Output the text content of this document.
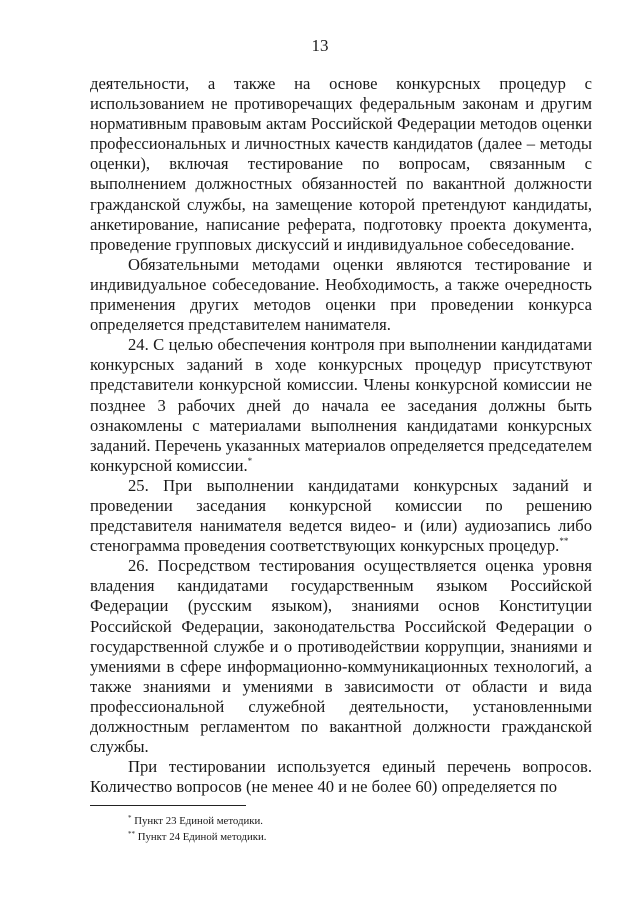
13

деятельности, а также на основе конкурсных процедур с использованием не противоречащих федеральным законам и другим нормативным правовым актам Российской Федерации методов оценки профессиональных и личностных качеств кандидатов (далее – методы оценки), включая тестирование по вопросам, связанным с выполнением должностных обязанностей по вакантной должности гражданской службы, на замещение которой претендуют кандидаты, анкетирование, написание реферата, подготовку проекта документа, проведение групповых дискуссий и индивидуальное собеседование.

Обязательными методами оценки являются тестирование и индивидуальное собеседование. Необходимость, а также очередность применения других методов оценки при проведении конкурса определяется представителем нанимателя.

24. С целью обеспечения контроля при выполнении кандидатами конкурсных заданий в ходе конкурсных процедур присутствуют представители конкурсной комиссии. Члены конкурсной комиссии не позднее 3 рабочих дней до начала ее заседания должны быть ознакомлены с материалами выполнения кандидатами конкурсных заданий. Перечень указанных материалов определяется председателем конкурсной комиссии.*

25. При выполнении кандидатами конкурсных заданий и проведении заседания конкурсной комиссии по решению представителя нанимателя ведется видео- и (или) аудиозапись либо стенограмма проведения соответствующих конкурсных процедур.**

26. Посредством тестирования осуществляется оценка уровня владения кандидатами государственным языком Российской Федерации (русским языком), знаниями основ Конституции Российской Федерации, законодательства Российской Федерации о государственной службе и о противодействии коррупции, знаниями и умениями в сфере информационно-коммуникационных технологий, а также знаниями и умениями в зависимости от области и вида профессиональной служебной деятельности, установленными должностным регламентом по вакантной должности гражданской службы.

При тестировании используется единый перечень вопросов. Количество вопросов (не менее 40 и не более 60) определяется по

* Пункт 23 Единой методики.
** Пункт 24 Единой методики.
